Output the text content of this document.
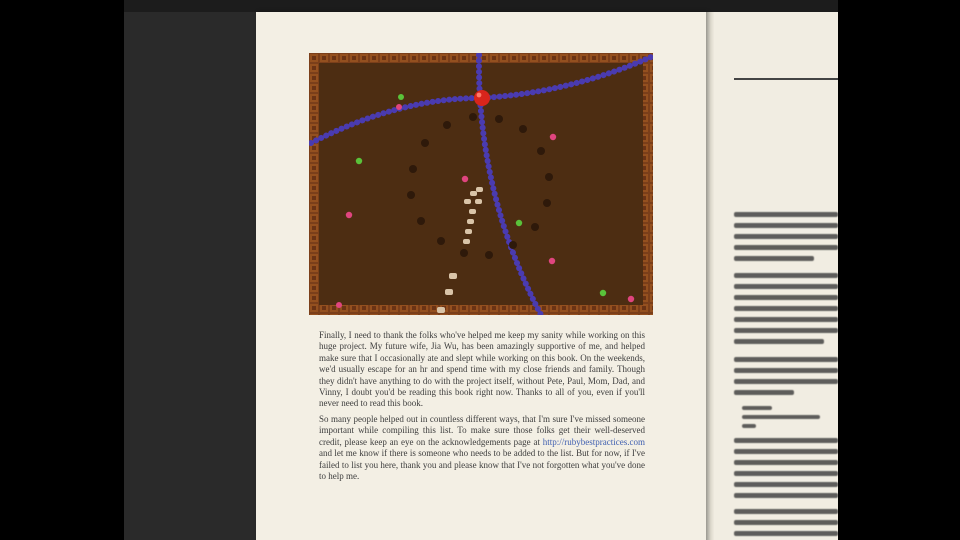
Finally, I need to thank the folks who've helped me keep my sanity while working on this huge project. My future wife, Jia Wu, has been amazingly supportive of me, and helped make sure that I occasionally ate and slept while working on this book. On the weekends, we'd usually escape for an hr and spend time with my close friends and family. Though they didn't have anything to do with the project itself, without Pete, Paul, Mom, Dad, and Vinny, I doubt you'd be reading this book right now. Thanks to all of you, even if you'll never need to read this book.
So many people helped out in countless different ways, that I'm sure I've missed someone important while compiling this list. To make sure those folks get their well-deserved credit, please keep an eye on the acknowledgements page at http://rubybestpractices.com and let me know if there is someone who needs to be added to the list. But for now, if I've failed to list you here, thank you and please know that I've not forgotten what you've done to help me.
